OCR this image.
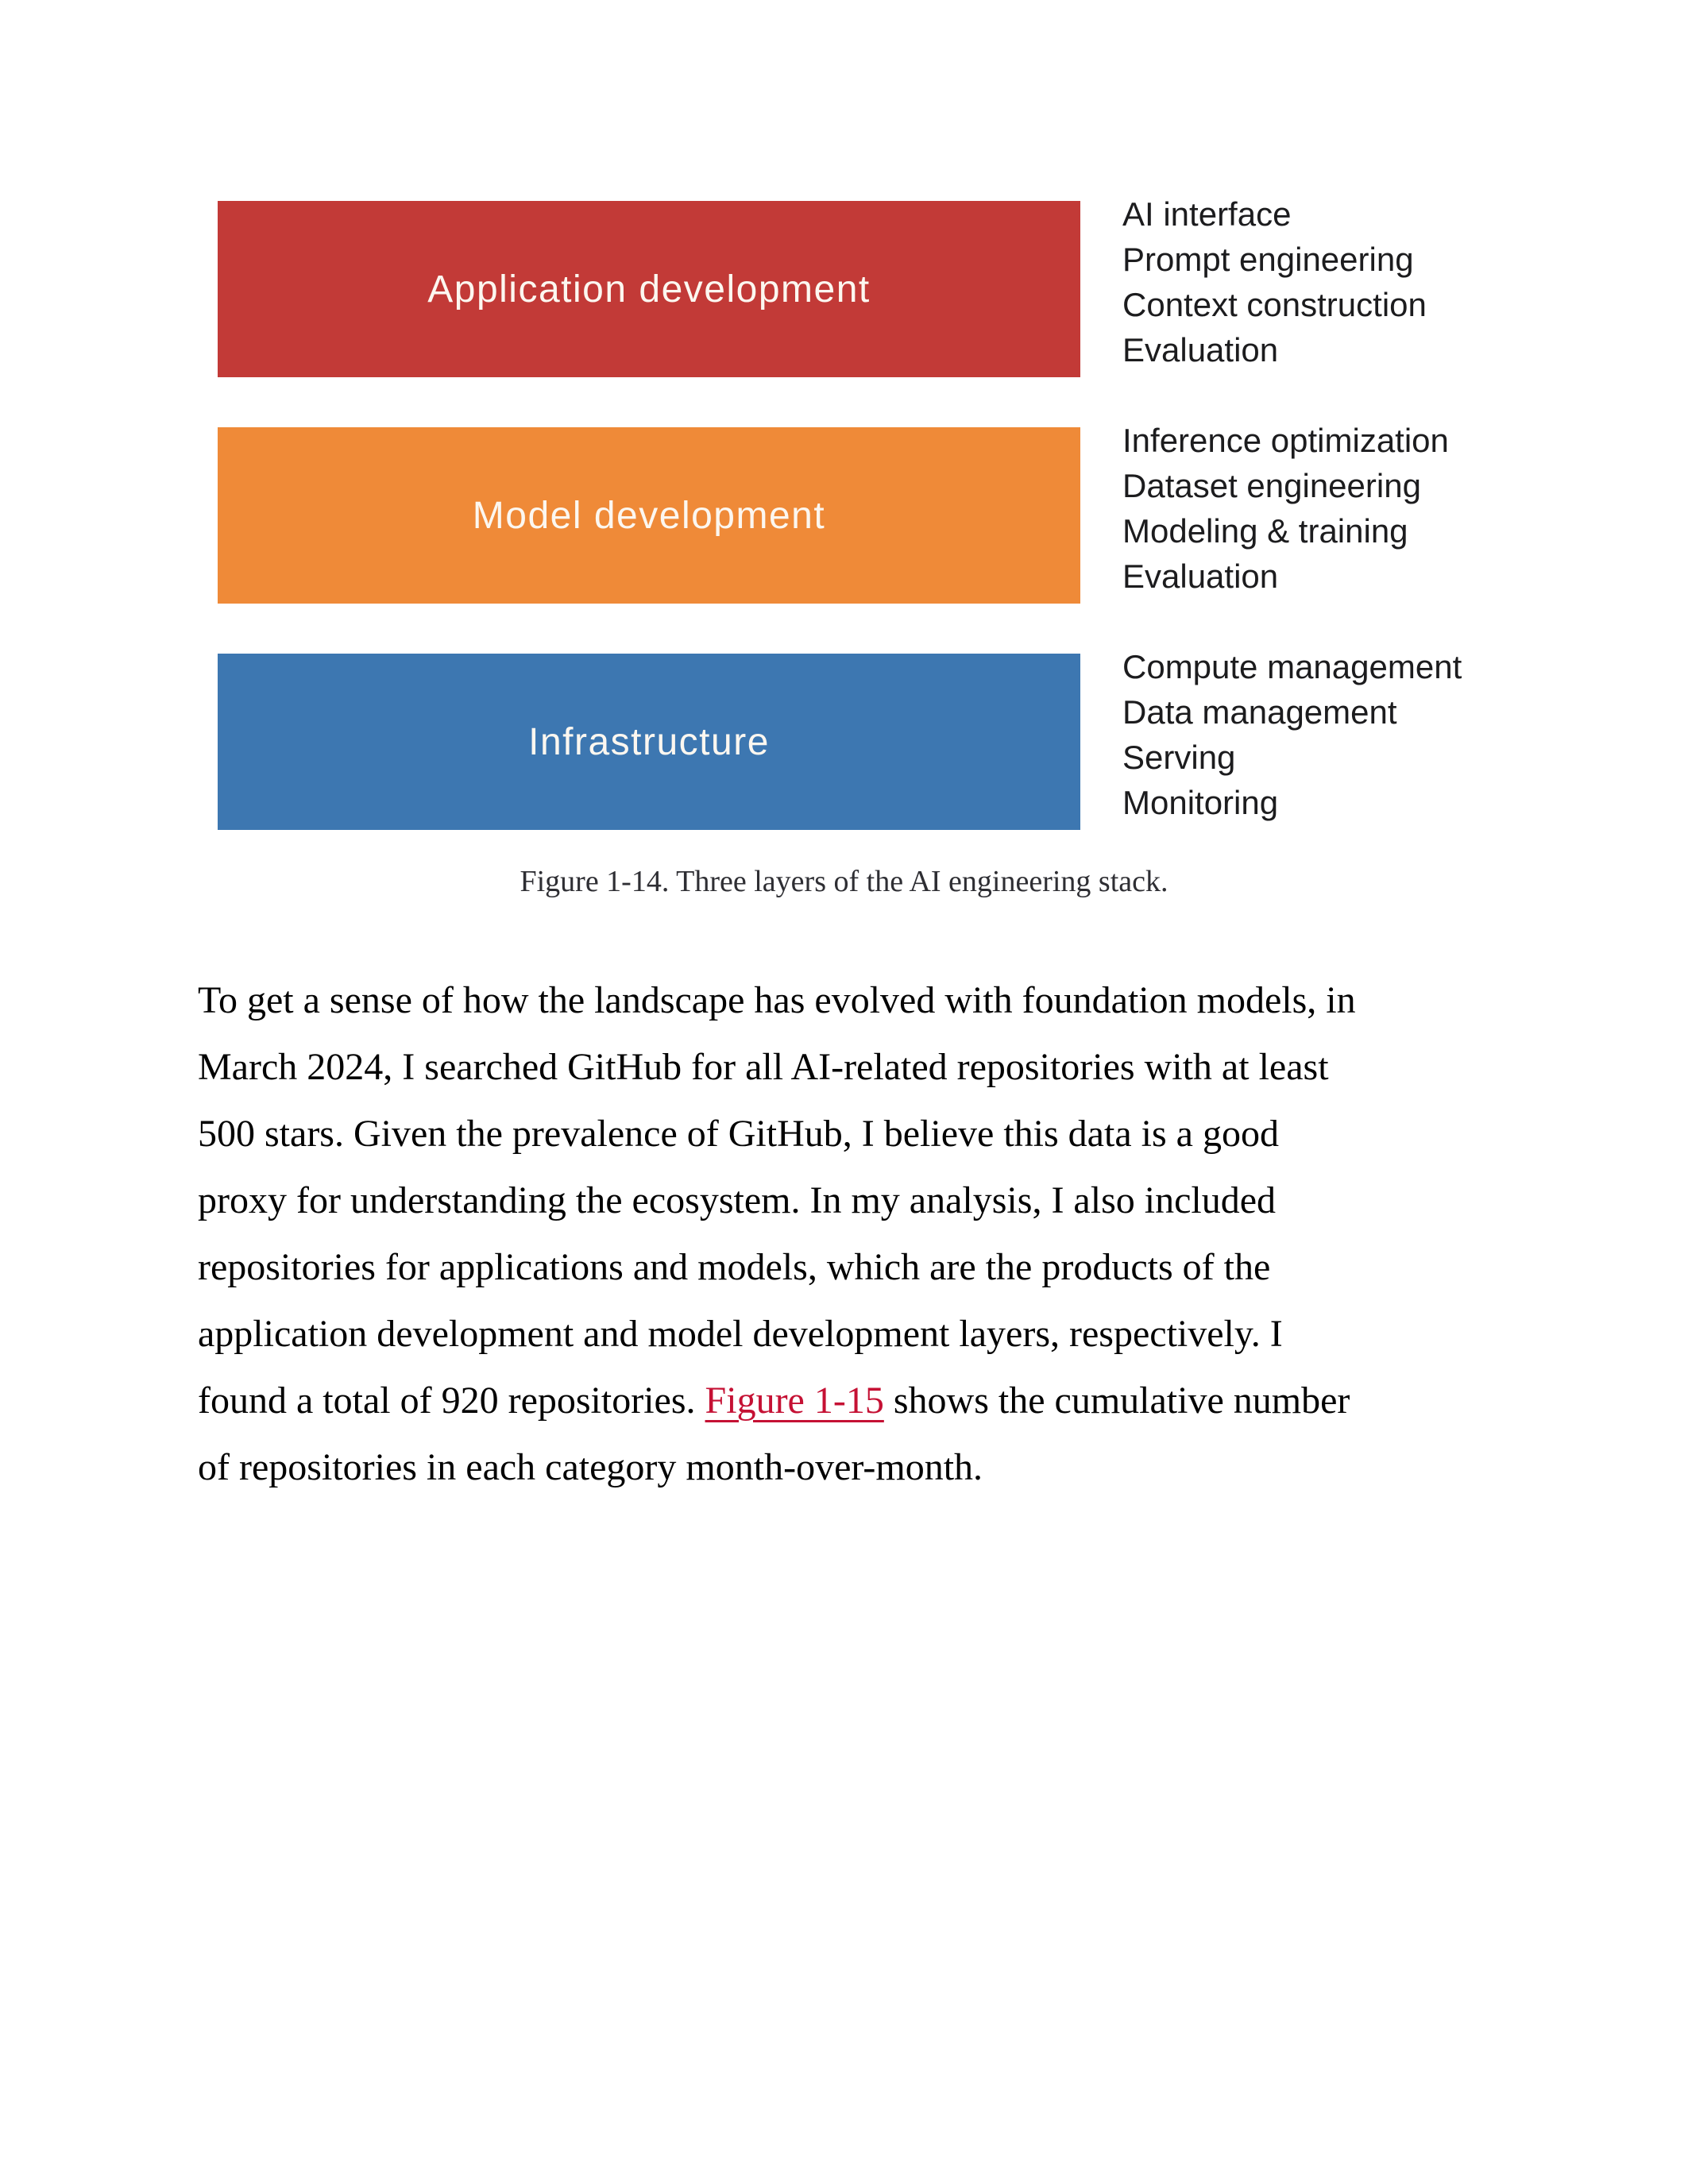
Application development
AI interface
Prompt engineering
Context construction
Evaluation
Model development
Inference optimization
Dataset engineering
Modeling & training
Evaluation
Infrastructure
Compute management
Data management
Serving
Monitoring
Figure 1-14. Three layers of the AI engineering stack.
To get a sense of how the landscape has evolved with foundation models, in
March 2024, I searched GitHub for all AI-related repositories with at least
500 stars. Given the prevalence of GitHub, I believe this data is a good
proxy for understanding the ecosystem. In my analysis, I also included
repositories for applications and models, which are the products of the
application development and model development layers, respectively. I
found a total of 920 repositories. Figure 1-15 shows the cumulative number
of repositories in each category month-over-month.
